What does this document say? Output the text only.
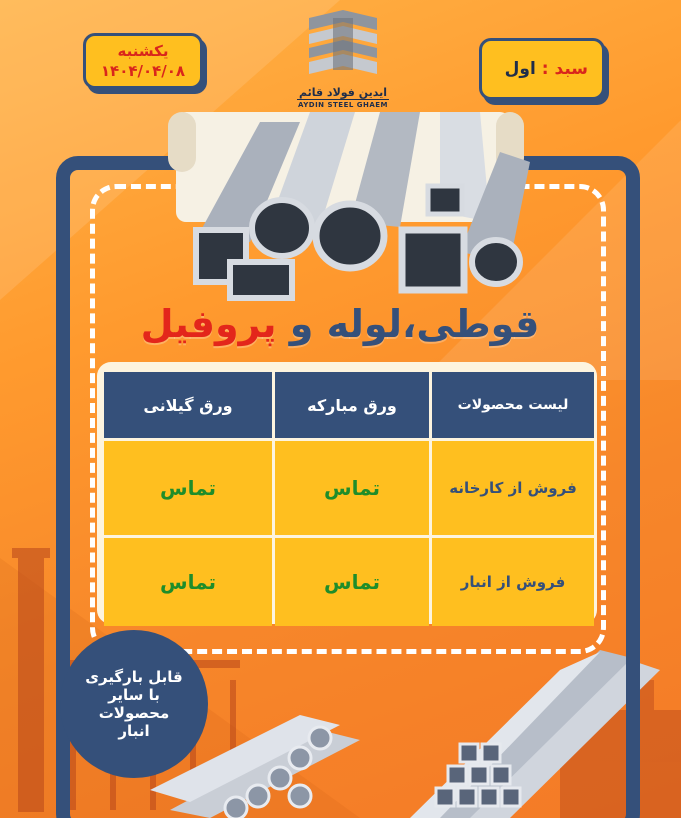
یکشنبه
۱۴۰۴/۰۴/۰۸	سبد :
اول
ایدین فولاد قائم
AYDIN STEEL GHAEM
قوطی،لوله و پروفیل
لیست محصولات
ورق مبارکه
ورق گیلانی
فروش از کارخانه
تماس
تماس
فروش از انبار
تماس
تماس
قابل بارگیری
با سایر
محصولات
انبار
